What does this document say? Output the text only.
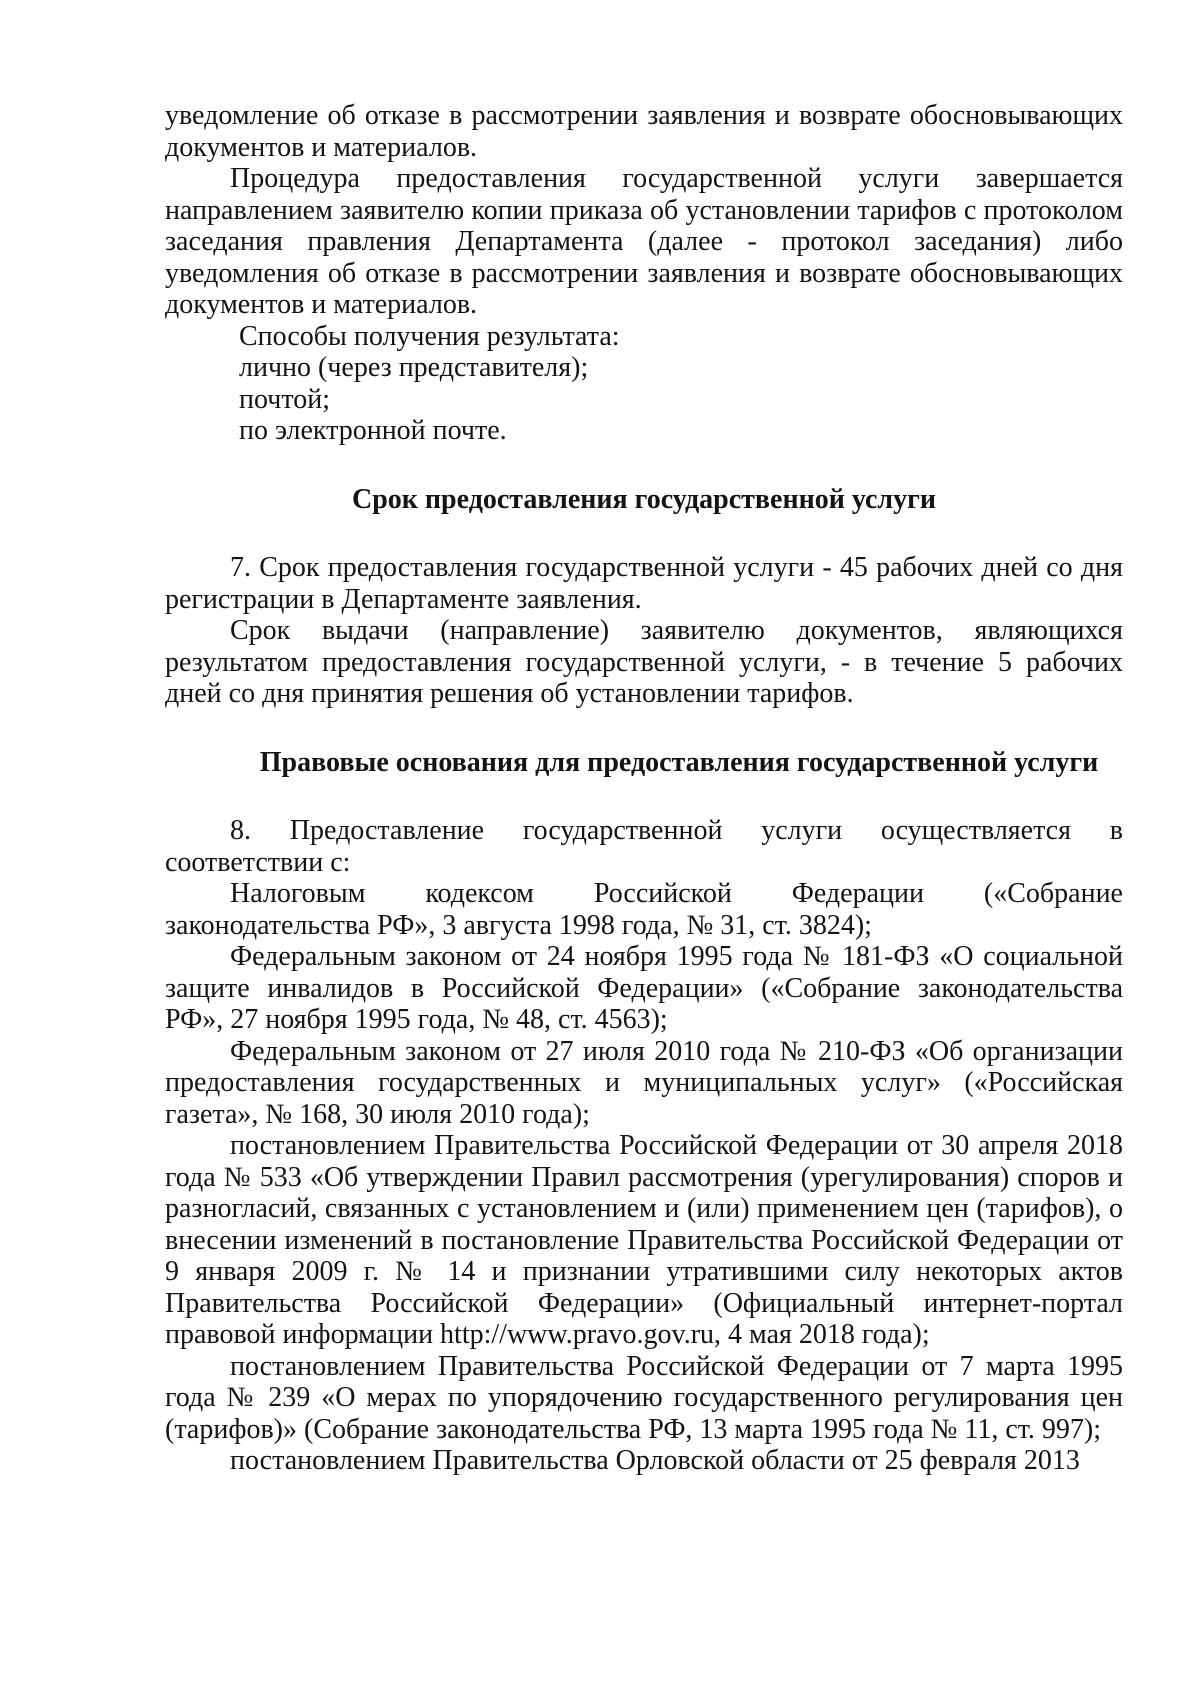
уведомление об отказе в рассмотрении заявления и возврате обосновывающих документов и материалов.

Процедура предоставления государственной услуги завершается направлением заявителю копии приказа об установлении тарифов с протоколом заседания правления Департамента (далее - протокол заседания) либо уведомления об отказе в рассмотрении заявления и возврате обосновывающих документов и материалов.

Способы получения результата:

лично (через представителя);

почтой;

по электронной почте.

Срок предоставления государственной услуги

7. Срок предоставления государственной услуги - 45 рабочих дней со дня регистрации в Департаменте заявления.

Срок выдачи (направление) заявителю документов, являющихся результатом предоставления государственной услуги, - в течение 5 рабочих дней со дня принятия решения об установлении тарифов.

Правовые основания для предоставления государственной услуги

8. Предоставление государственной услуги осуществляется в соответствии с:

Налоговым кодексом Российской Федерации («Собрание законодательства РФ», 3 августа 1998 года, № 31, ст. 3824);

Федеральным законом от 24 ноября 1995 года № 181-ФЗ «О социальной защите инвалидов в Российской Федерации» («Собрание законодательства РФ», 27 ноября 1995 года, № 48, ст. 4563);

Федеральным законом от 27 июля 2010 года № 210-ФЗ «Об организации предоставления государственных и муниципальных услуг» («Российская газета», № 168, 30 июля 2010 года);

постановлением Правительства Российской Федерации от 30 апреля 2018 года № 533 «Об утверждении Правил рассмотрения (урегулирования) споров и разногласий, связанных с установлением и (или) применением цен (тарифов), о внесении изменений в постановление Правительства Российской Федерации от 9 января 2009 г. № 14 и признании утратившими силу некоторых актов Правительства Российской Федерации» (Официальный интернет-портал правовой информации http://www.pravo.gov.ru, 4 мая 2018 года);

постановлением Правительства Российской Федерации от 7 марта 1995 года № 239 «О мерах по упорядочению государственного регулирования цен (тарифов)» (Собрание законодательства РФ, 13 марта 1995 года № 11, ст. 997);

постановлением Правительства Орловской области от 25 февраля 2013
